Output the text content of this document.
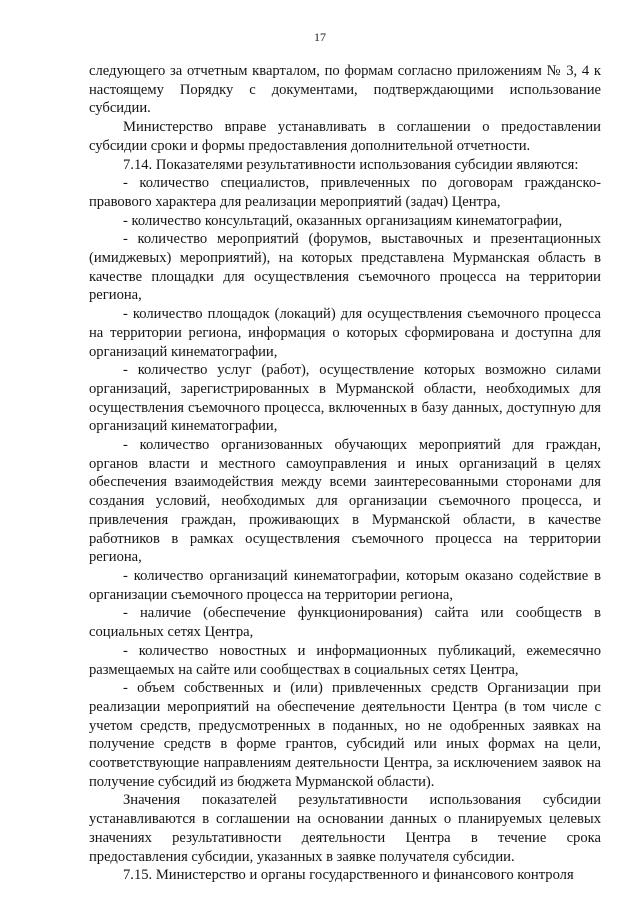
17

следующего за отчетным кварталом, по формам согласно приложениям № 3, 4 к настоящему Порядку с документами, подтверждающими использование субсидии.

Министерство вправе устанавливать в соглашении о предоставлении субсидии сроки и формы предоставления дополнительной отчетности.

7.14. Показателями результативности использования субсидии являются:

- количество специалистов, привлеченных по договорам гражданско-правового характера для реализации мероприятий (задач) Центра,

- количество консультаций, оказанных организациям кинематографии,

- количество мероприятий (форумов, выставочных и презентационных (имиджевых) мероприятий), на которых представлена Мурманская область в качестве площадки для осуществления съемочного процесса на территории региона,

- количество площадок (локаций) для осуществления съемочного процесса на территории региона, информация о которых сформирована и доступна для организаций кинематографии,

- количество услуг (работ), осуществление которых возможно силами организаций, зарегистрированных в Мурманской области, необходимых для осуществления съемочного процесса, включенных в базу данных, доступную для организаций кинематографии,

- количество организованных обучающих мероприятий для граждан, органов власти и местного самоуправления и иных организаций в целях обеспечения взаимодействия между всеми заинтересованными сторонами для создания условий, необходимых для организации съемочного процесса, и привлечения граждан, проживающих в Мурманской области, в качестве работников в рамках осуществления съемочного процесса на территории региона,

- количество организаций кинематографии, которым оказано содействие в организации съемочного процесса на территории региона,

- наличие (обеспечение функционирования) сайта или сообществ в социальных сетях Центра,

- количество новостных и информационных публикаций, ежемесячно размещаемых на сайте или сообществах в социальных сетях Центра,

- объем собственных и (или) привлеченных средств Организации при реализации мероприятий на обеспечение деятельности Центра (в том числе с учетом средств, предусмотренных в поданных, но не одобренных заявках на получение средств в форме грантов, субсидий или иных формах на цели, соответствующие направлениям деятельности Центра, за исключением заявок на получение субсидий из бюджета Мурманской области).

Значения показателей результативности использования субсидии устанавливаются в соглашении на основании данных о планируемых целевых значениях результативности деятельности Центра в течение срока предоставления субсидии, указанных в заявке получателя субсидии.

7.15. Министерство и органы государственного и финансового контроля
